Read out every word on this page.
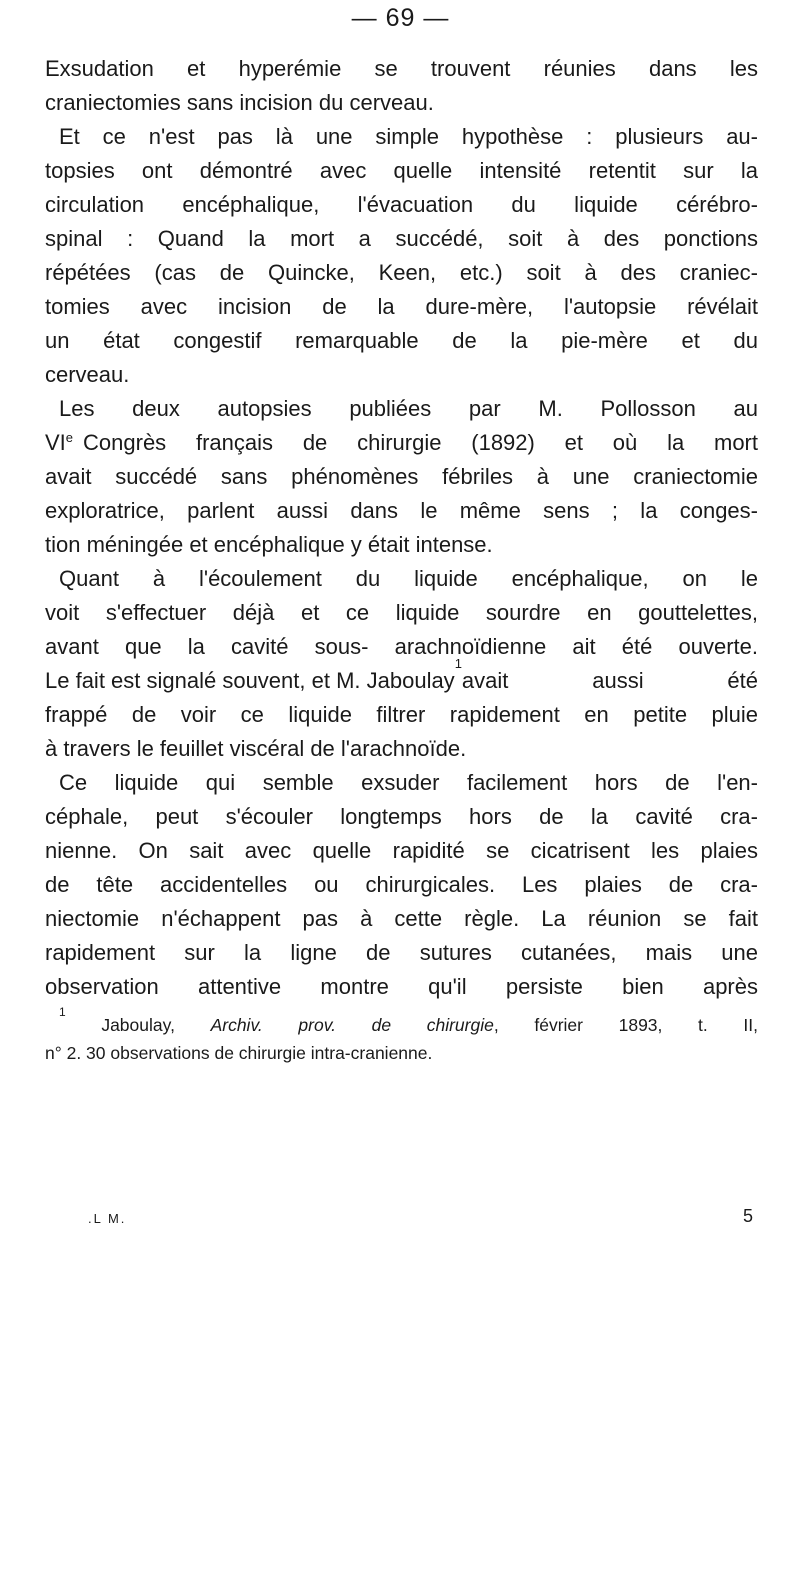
— 69 —
Exsudation et hyperémie se trouvent réunies dans les
craniectomies sans incision du cerveau.
Et ce n'est pas là une simple hypothèse : plusieurs au-
topsies ont démontré avec quelle intensité retentit sur la
circulation encéphalique, l'évacuation du liquide cérébro-
spinal : Quand la mort a succédé, soit à des ponctions
répétées (cas de Quincke, Keen, etc.) soit à des craniec-
tomies avec incision de la dure-mère, l'autopsie révélait
un état congestif remarquable de la pie-mère et du
cerveau.
Les deux autopsies publiées par M. Pollosson au
VIe Congrès français de chirurgie (1892) et où la mort
avait succédé sans phénomènes fébriles à une craniectomie
exploratrice, parlent aussi dans le même sens ; la conges-
tion méningée et encéphalique y était intense.
Quant à l'écoulement du liquide encéphalique, on le
voit s'effectuer déjà et ce liquide sourdre en gouttelettes,
avant que la cavité sous- arachnoïdienne ait été ouverte.
Le fait est signalé souvent, et M. Jaboulay
1
avait aussi été
frappé de voir ce liquide filtrer rapidement en petite pluie
à travers le feuillet viscéral de l'arachnoïde.
Ce liquide qui semble exsuder facilement hors de l'en-
céphale, peut s'écouler longtemps hors de la cavité cra-
nienne. On sait avec quelle rapidité se cicatrisent les plaies
de tête accidentelles ou chirurgicales. Les plaies de cra-
niectomie n'échappent pas à cette règle. La réunion se fait
rapidement sur la ligne de sutures cutanées, mais une
observation attentive montre qu'il persiste bien après
1
Jaboulay, Archiv. prov. de chirurgie, février 1893, t. II,
n° 2. 30 observations de chirurgie intra-cranienne.
.L M.	5
